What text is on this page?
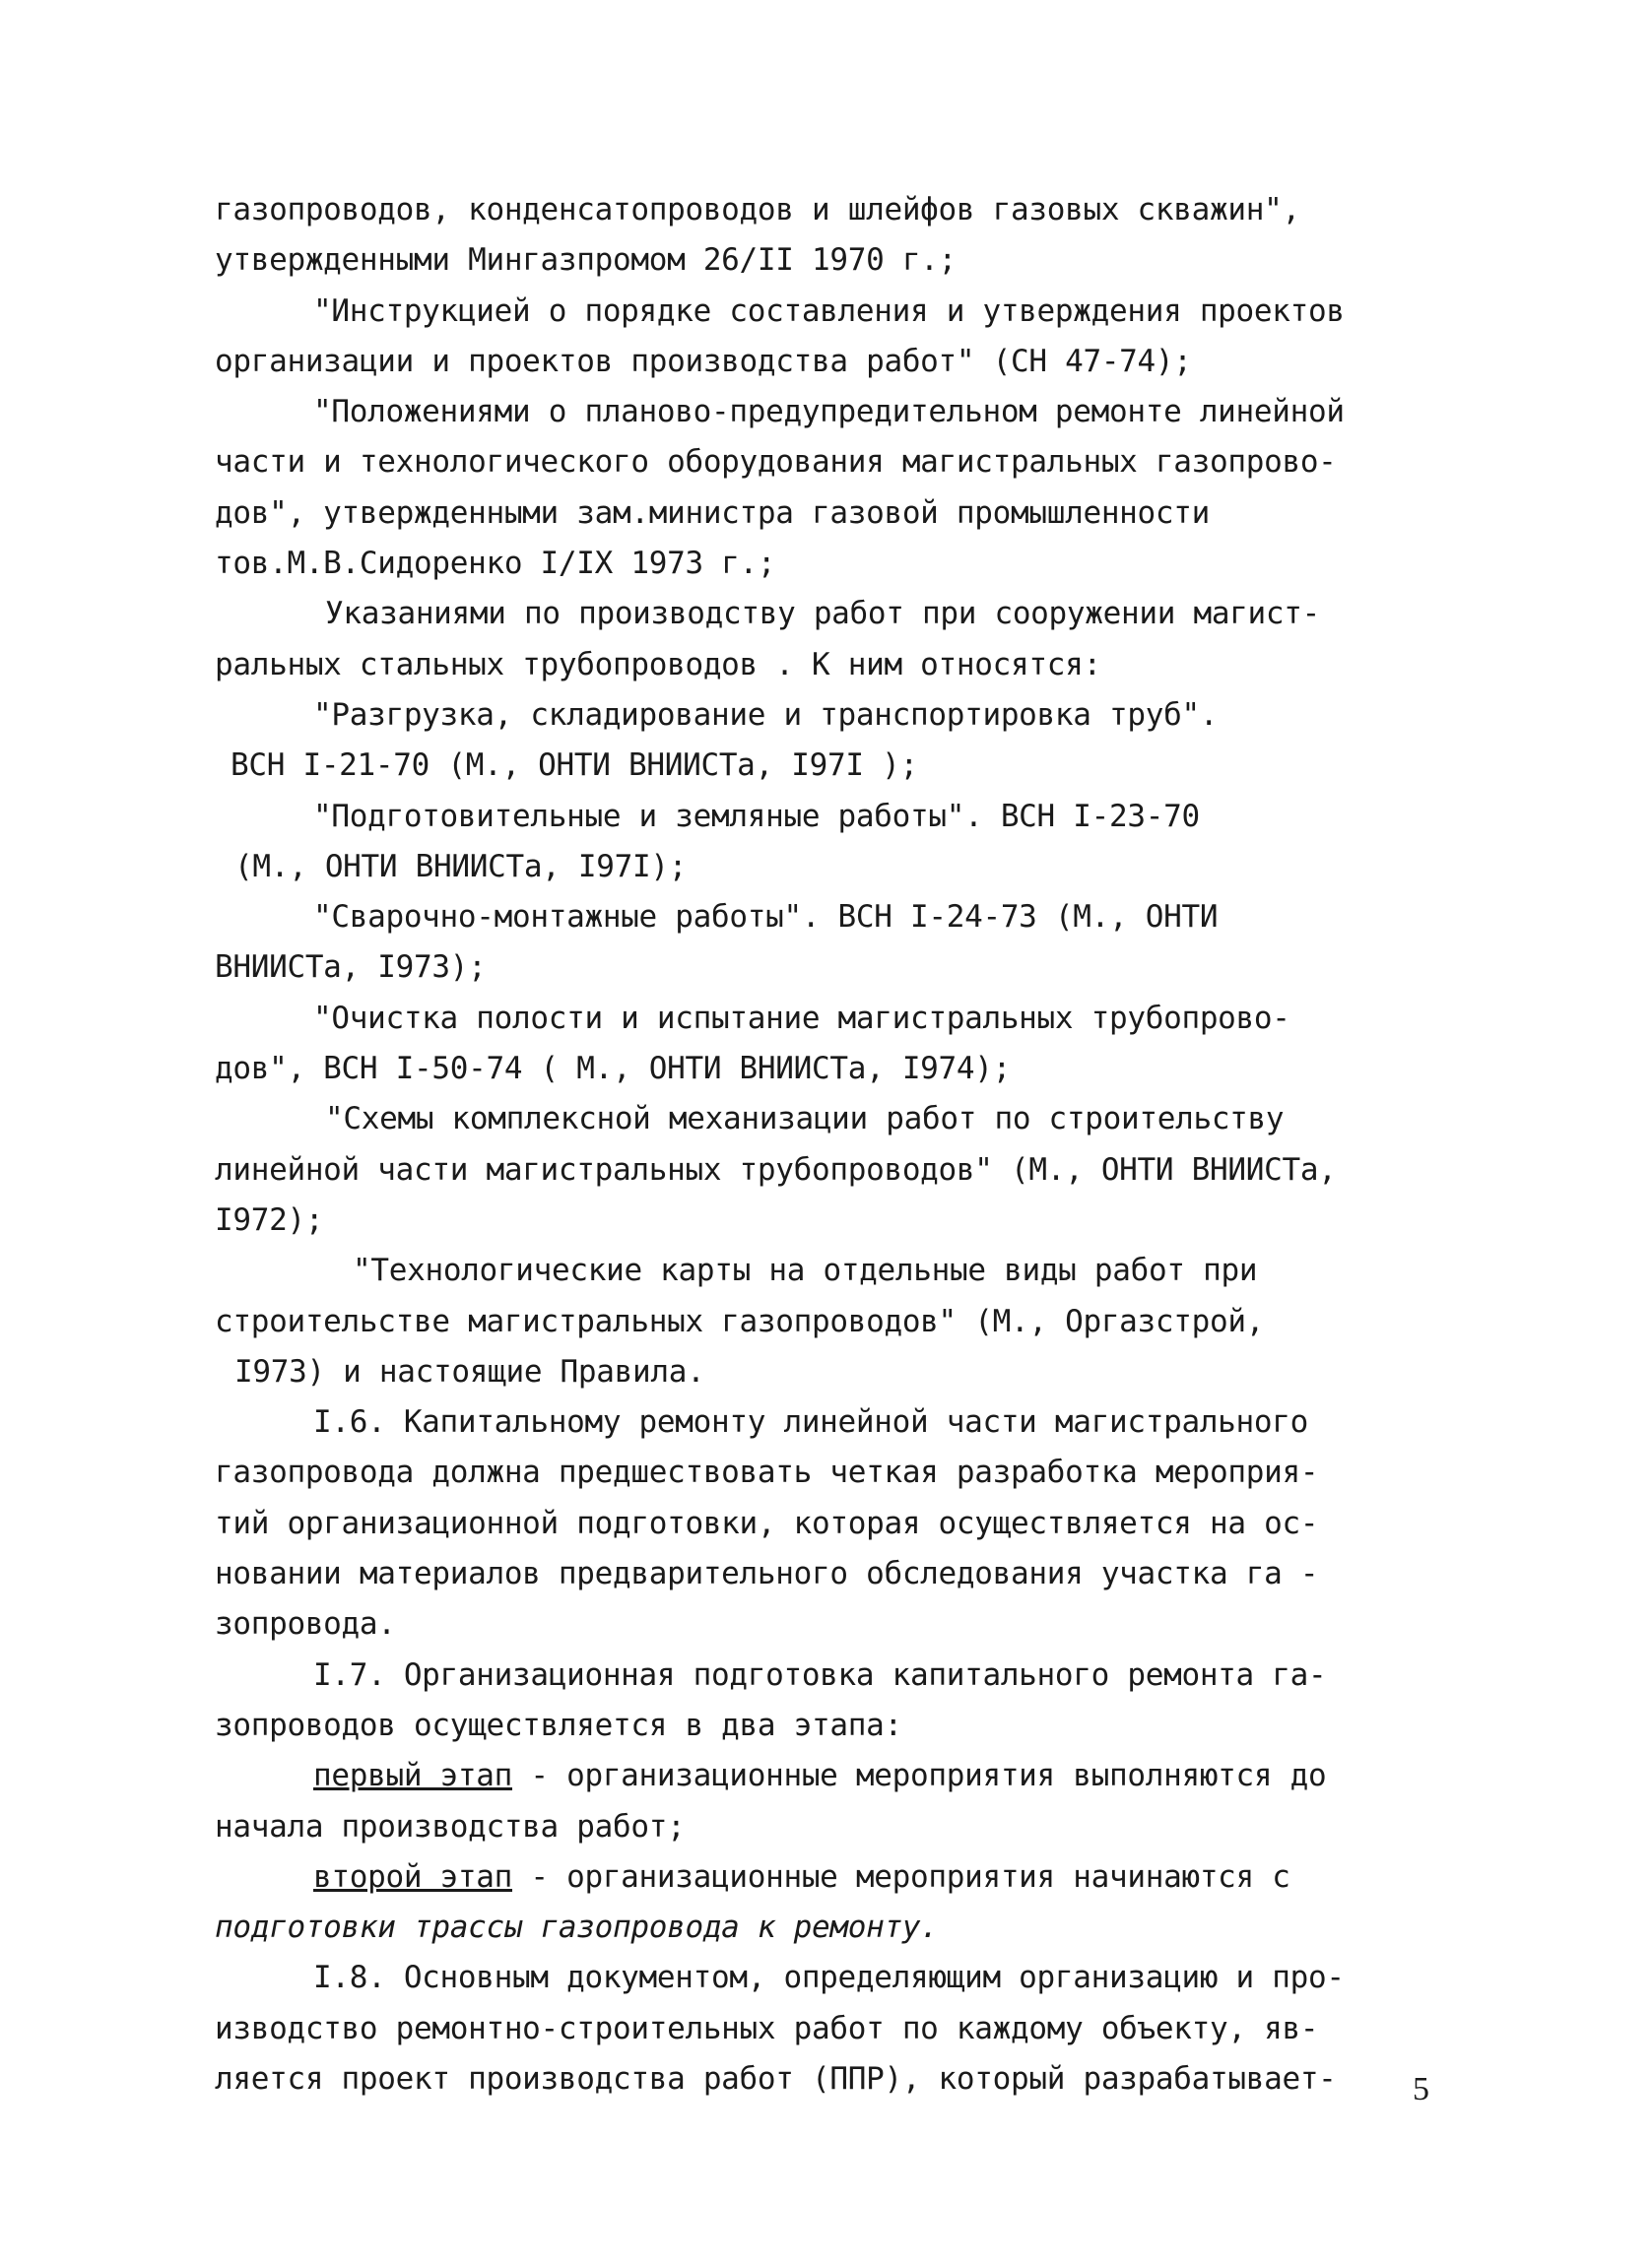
газопроводов, конденсатопроводов и шлейфов газовых скважин",
утвержденными Мингазпромом 26/II 1970 г.;
"Инструкцией о порядке составления и утверждения проектов
организации и проектов производства работ" (СН 47-74);
"Положениями о планово-предупредительном ремонте линейной
части и технологического оборудования магистральных газопрово-
дов", утвержденными зам.министра газовой промышленности
тов.М.В.Сидоренко I/IX 1973 г.;
Указаниями по производству работ при сооружении магист-
ральных стальных трубопроводов . К ним относятся:
"Разгрузка, складирование и транспортировка труб".
ВСН I-21-70 (М., ОНТИ ВНИИСТа, I97I );
"Подготовительные и земляные работы". ВСН I-23-70
(М., ОНТИ ВНИИСТа, I97I);
"Сварочно-монтажные работы". ВСН I-24-73 (М., ОНТИ
ВНИИСТа, I973);
"Очистка полости и испытание магистральных трубопрово-
дов", ВСН I-50-74 ( М., ОНТИ ВНИИСТа, I974);
"Схемы комплексной механизации работ по строительству
линейной части магистральных трубопроводов" (М., ОНТИ ВНИИСТа,
I972);
"Технологические карты на отдельные виды работ при
строительстве магистральных газопроводов" (М., Оргазстрой,
I973) и настоящие Правила.
I.6. Капитальному ремонту линейной части магистрального
газопровода должна предшествовать четкая разработка мероприя-
тий организационной подготовки, которая осуществляется на ос-
новании материалов предварительного обследования участка га -
зопровода.
I.7. Организационная подготовка капитального ремонта га-
зопроводов осуществляется в два этапа:
первый этап - организационные мероприятия выполняются до
начала производства работ;
второй этап - организационные мероприятия начинаются с
подготовки трассы газопровода к ремонту.
I.8. Основным документом, определяющим организацию и про-
изводство ремонтно-строительных работ по каждому объекту, яв-
ляется проект производства работ (ППР), который разрабатывает-	5
